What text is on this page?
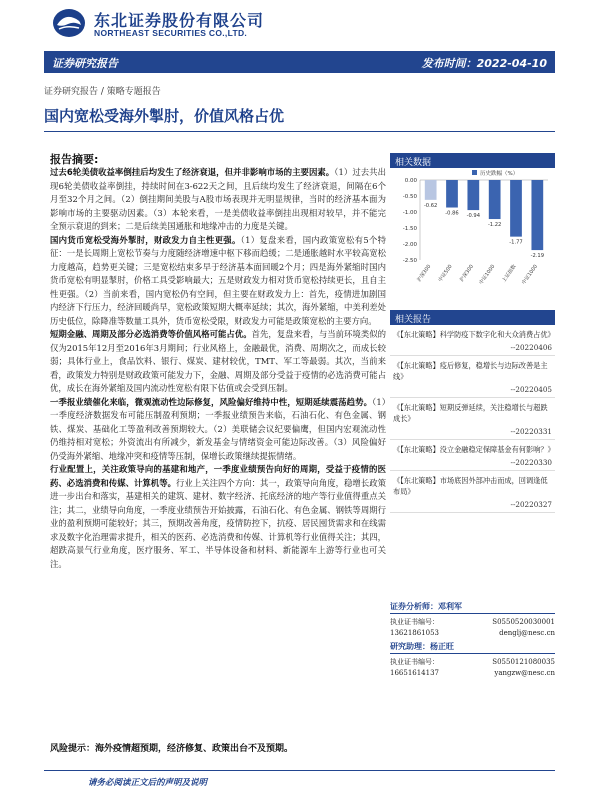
东北证券股份有限公司
NORTHEAST SECURITIES CO.,LTD.
证券研究报告	发布时间：2022-04-10
证券研究报告 / 策略专题报告
国内宽松受海外掣肘，价值风格占优
报告摘要:

过去6轮美债收益率倒挂后均发生了经济衰退，但并非影响市场的主要因素。（1）过去共出现6轮美债收益率倒挂，持续时间在3-622天之间，且后续均发生了经济衰退，间隔在6个月至32个月之间。（2）倒挂期间美股与A股市场表现并无明显规律，当时的经济基本面为影响市场的主要驱动因素。（3）本轮来看，一是美债收益率倒挂出现相对较早，并不能完全预示衰退的到来；二是后续美国通胀和地缘冲击的力度是关键。

国内货币宽松受海外掣肘，财政发力自主性更强。（1）复盘来看，国内政策宽松有5个特征：一是长周期上宽松节奏与力度随经济增速中枢下移而趋缓；二是通胀越时水平较高宽松力度越高，趋势更关键；三是宽松结束多早于经济基本面回暖2个月；四是海外紧缩时国内货币宽松有明显掣肘，价格工具受影响最大；五是财政发力相对货币宽松持续更长，且自主性更强。（2）当前来看，国内宽松仍有空间，但主要在财政发力上：首先，疫情进加剧国内经济下行压力，经济回暖尚早，宽松政策短期大概率延续；其次，海外紧缩，中美利差处历史低位，除降准等数量工具外，货币宽松受限，财政发力可能是政策宽松的主要方向。

短期金融、周期及部分必选消费等价值风格可能占优。首先，复盘来看，与当前环境类似的仅为2015年12月至2016年3月期间；行业风格上，金融最优，消费、周期次之，而成长较弱；具体行业上，食品饮料、银行、煤炭、建材较优，TMT、军工等最弱。其次，当前来看，政策发力特别是财政政策可能发力下，金融、周期及部分受益于疫情的必选消费可能占优，成长在海外紧缩及国内流动性宽松有限下估值或会受到压制。

一季报业绩催化来临，微观流动性边际修复，风险偏好维持中性，短期延续震荡趋势。（1）一季度经济数据发布可能压制盈利预期；一季报业绩预告来临，石油石化、有色金属、钢铁、煤炭、基础化工等盈利改善预期较大。（2）美联储会议纪要偏鹰，但国内宏观流动性仍维持相对宽松；外资流出有所减少，新发基金与情绪资金可能边际改善。（3）风险偏好仍受海外紧缩、地缘冲突和疫情等压制，保增长政策继续提振情绪。

行业配置上，关注政策导向的基建和地产，一季度业绩预告向好的周期，受益于疫情的医药、必选消费和传媒、计算机等。行业上关注四个方向：其一，政策导向角度，稳增长政策进一步出台和落实，基建相关的建筑、建材、数字经济、托底经济的地产等行业值得重点关注；其二，业绩导向角度，一季度业绩预告开始披露，石油石化、有色金属、钢铁等周期行业的盈利预期可能较好；其三，预期改善角度，疫情防控下，抗疫、居民囤货需求和在线需求及数字化治理需求提升，相关的医药、必选消费和传媒、计算机等行业值得关注；其四，超跌高景气行业角度，医疗服务、军工、半导体设备和材料、新能源车上游等行业也可关注。

风险提示：海外疫情超预期，经济修复、政策出台不及预期。
相关数据
历史跌幅（%）
0.00
-0.50
-1.00
-1.50
-2.00
-2.50
-0.62
沪深300
-0.86
中证500
-0.94
沪深300
-1.22
中证1000
-1.77
上证指数
-2.19
中证1000
相关报告
《【东北策略】科学防疫下数字化和大众消费占优》
--20220406
《【东北策略】疫后修复，稳增长与边际改善是主线》
--20220405
《【东北策略】短期反弹延续，关注稳增长与超跌成长》
--20220331
《【东北策略】没立金融稳定保障基金有何影响？》
--20220330
《【东北策略】市场底因外部冲击而成，回调逢低布局》
--20220327
证券分析师：邓利军
执业证书编号：	S0550520030001
13621861053	denglj@nesc.cn
研究助理：杨正旺
执业证书编号：	S0550121080035
16651614137	yangzw@nesc.cn
请务必阅读正文后的声明及说明
